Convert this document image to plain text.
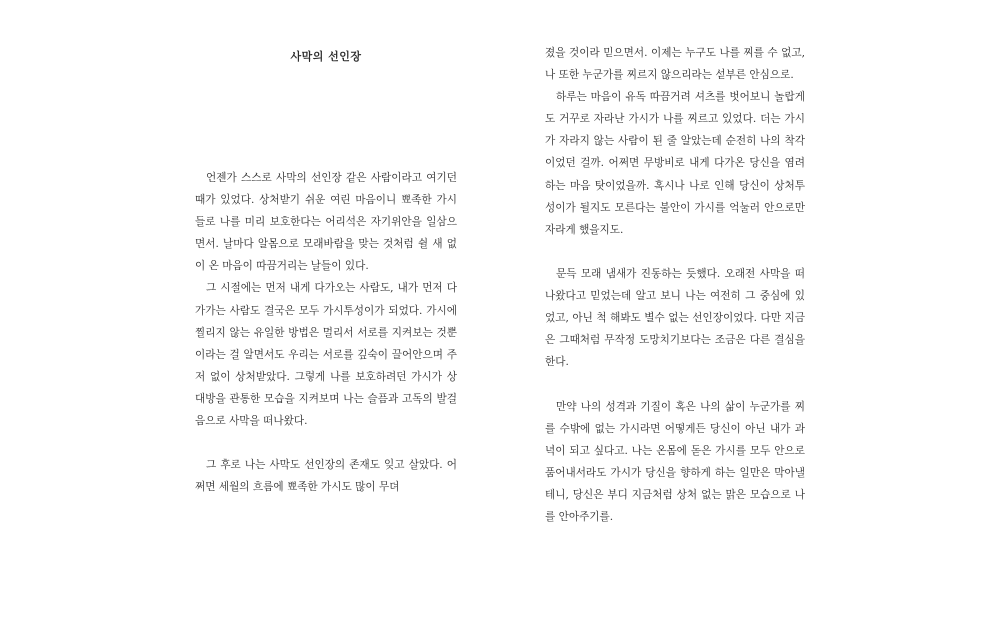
사막의 선인장

언젠가 스스로 사막의 선인장 같은 사람이라고 여기던 때가 있었다. 상처받기 쉬운 여린 마음이니 뾰족한 가시들로 나를 미리 보호한다는 어리석은 자기위안을 일삼으면서. 날마다 알몸으로 모래바람을 맞는 것처럼 쉴 새 없이 온 마음이 따끔거리는 날들이 있다.

그 시절에는 먼저 내게 다가오는 사람도, 내가 먼저 다가가는 사람도 결국은 모두 가시투성이가 되었다. 가시에 찔리지 않는 유일한 방법은 멀리서 서로를 지켜보는 것뿐이라는 걸 알면서도 우리는 서로를 깊숙이 끌어안으며 주저 없이 상처받았다. 그렇게 나를 보호하려던 가시가 상대방을 관통한 모습을 지켜보며 나는 슬픔과 고독의 발걸음으로 사막을 떠나왔다.

그 후로 나는 사막도 선인장의 존재도 잊고 살았다. 어쩌면 세월의 흐름에 뾰족한 가시도 많이 무뎌

졌을 것이라 믿으면서. 이제는 누구도 나를 찌를 수 없고, 나 또한 누군가를 찌르지 않으리라는 섣부른 안심으로.

하루는 마음이 유독 따끔거려 셔츠를 벗어보니 놀랍게도 거꾸로 자라난 가시가 나를 찌르고 있었다. 더는 가시가 자라지 않는 사람이 된 줄 알았는데 순전히 나의 착각이었던 걸까. 어쩌면 무방비로 내게 다가온 당신을 염려하는 마음 탓이었을까. 혹시나 나로 인해 당신이 상처투성이가 될지도 모른다는 불안이 가시를 억눌러 안으로만 자라게 했을지도.

문득 모래 냄새가 진동하는 듯했다. 오래전 사막을 떠나왔다고 믿었는데 알고 보니 나는 여전히 그 중심에 있었고, 아닌 척 해봐도 별수 없는 선인장이었다. 다만 지금은 그때처럼 무작정 도망치기보다는 조금은 다른 결심을 한다.

만약 나의 성격과 기질이 혹은 나의 삶이 누군가를 찌를 수밖에 없는 가시라면 어떻게든 당신이 아닌 내가 과녁이 되고 싶다고. 나는 온몸에 돋은 가시를 모두 안으로 품어내서라도 가시가 당신을 향하게 하는 일만은 막아낼 테니, 당신은 부디 지금처럼 상처 없는 맑은 모습으로 나를 안아주기를.
